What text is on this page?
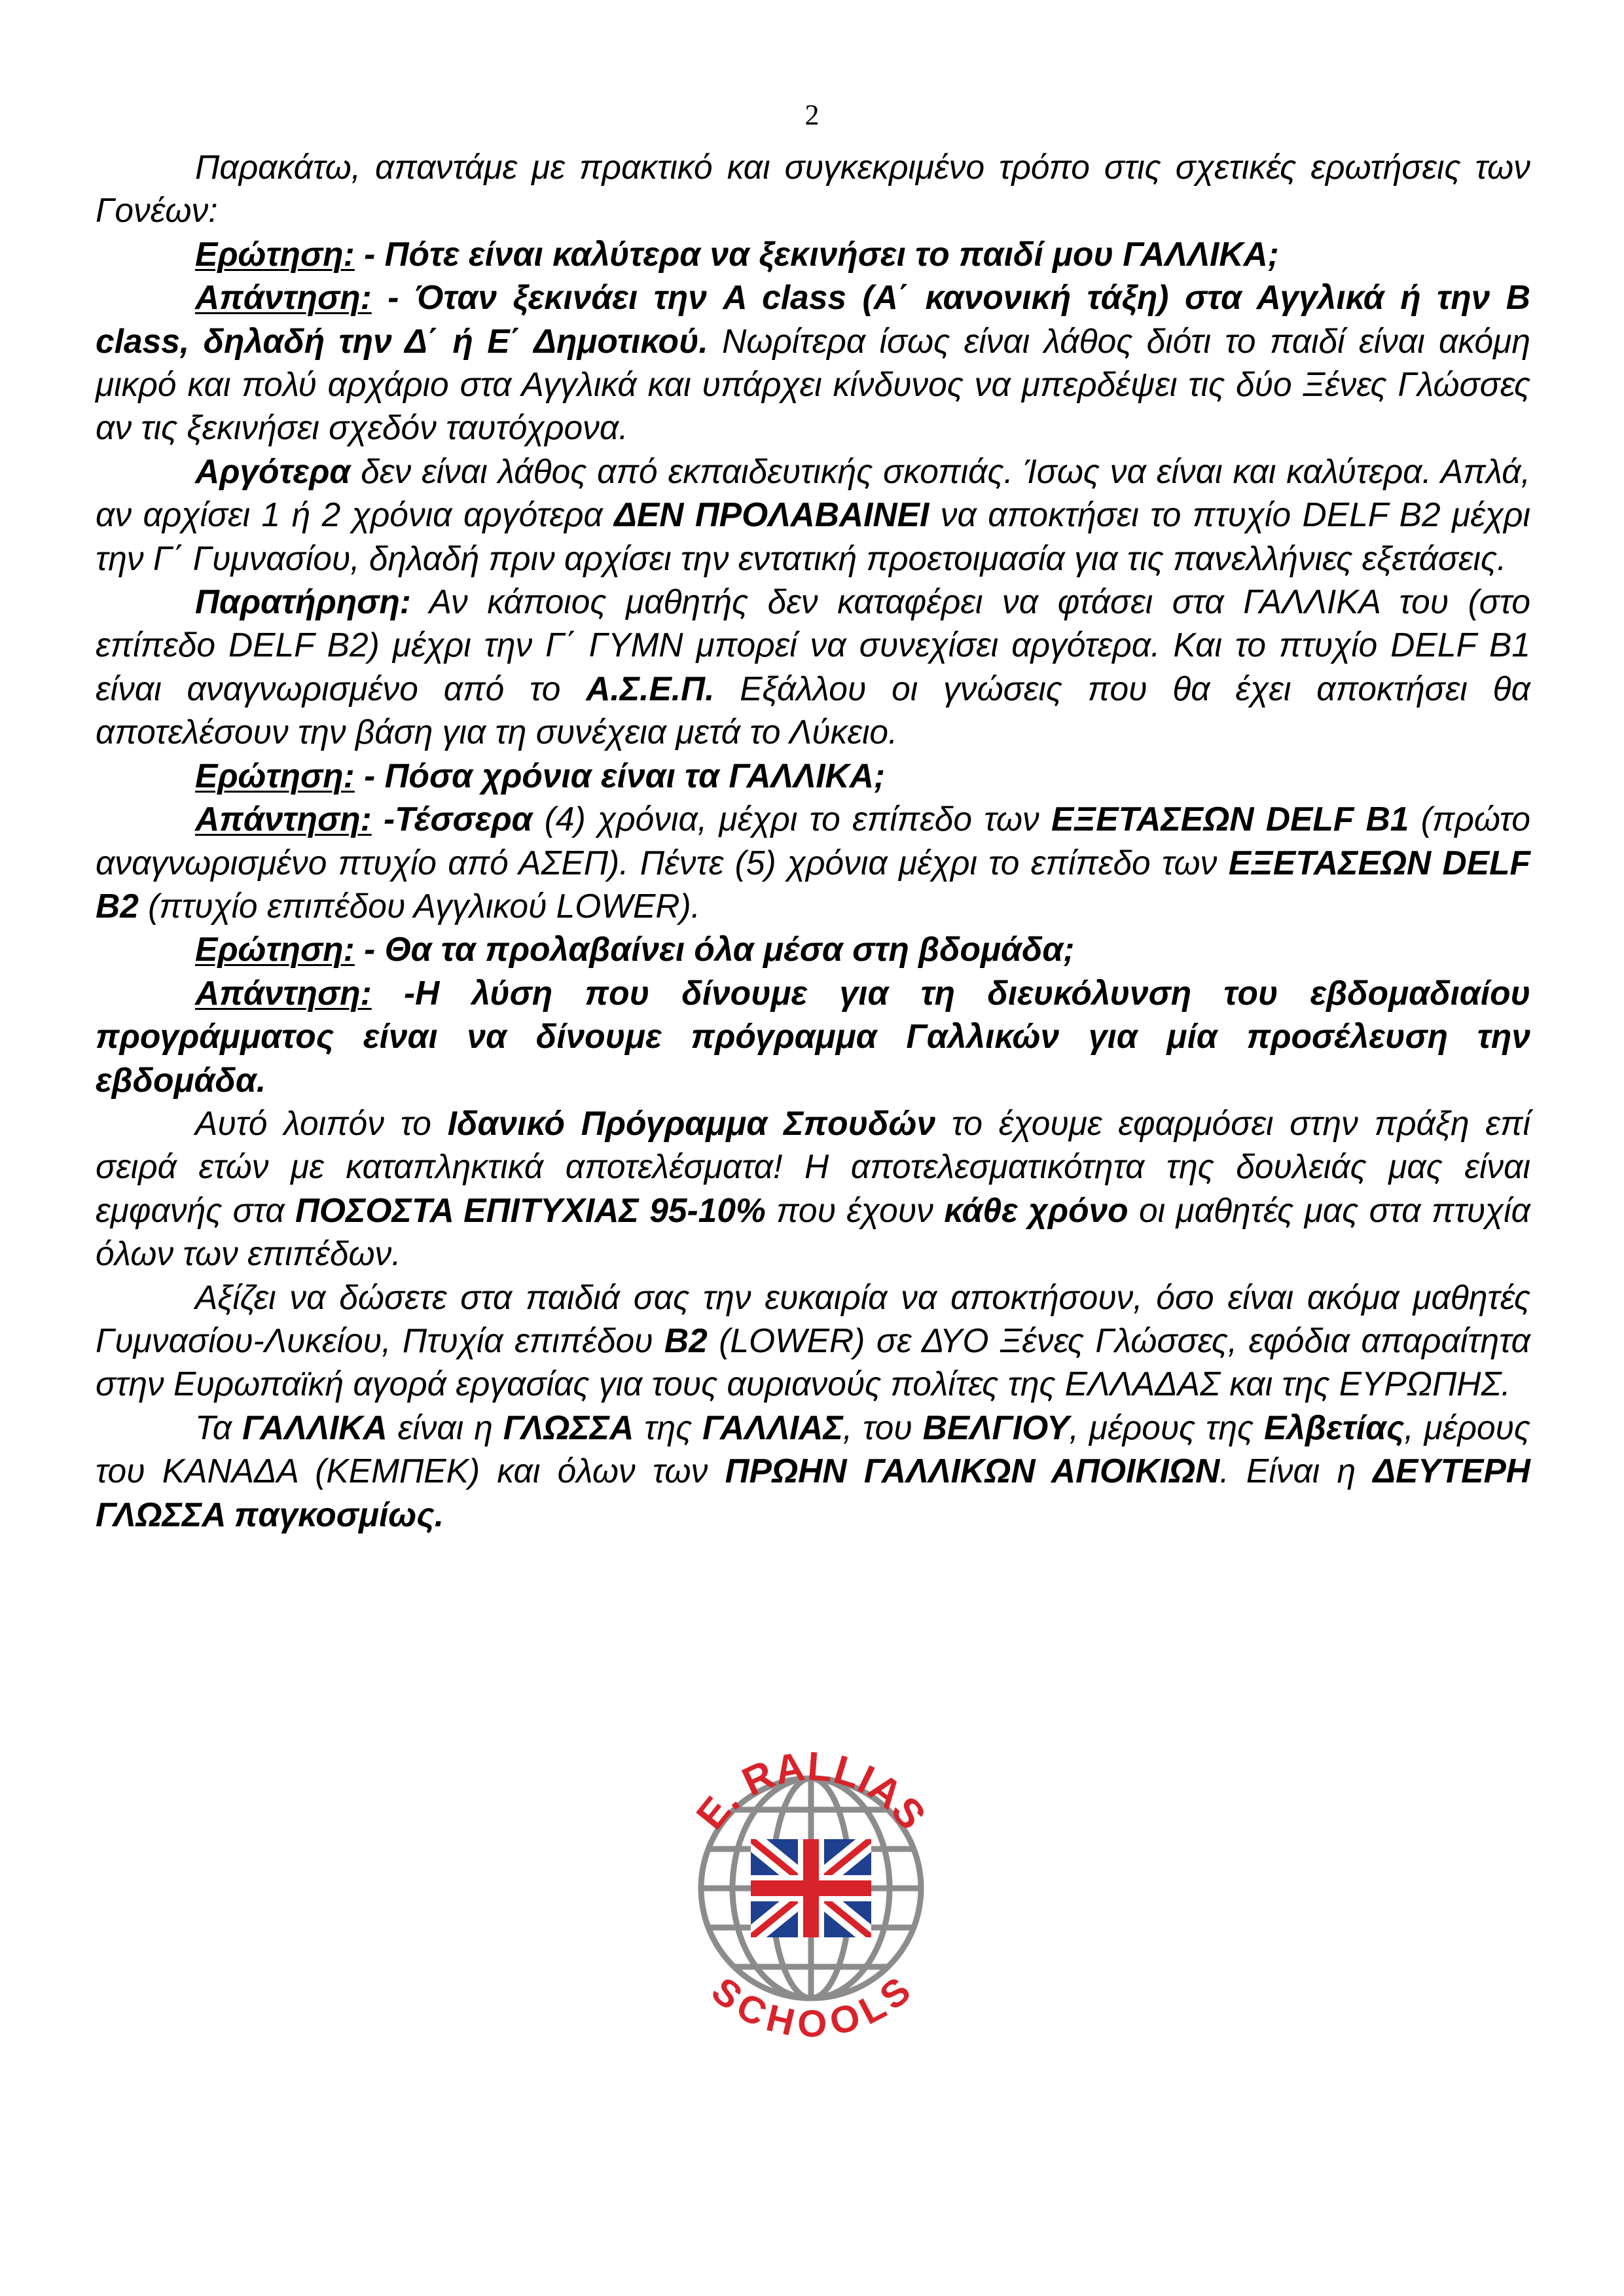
2

Παρακάτω, απαντάμε με πρακτικό και συγκεκριμένο τρόπο στις σχετικές ερωτήσεις των Γονέων:

Ερώτηση: - Πότε είναι καλύτερα να ξεκινήσει το παιδί μου ΓΑΛΛΙΚΑ;

Απάντηση: - Όταν ξεκινάει την A class (A΄ κανονική τάξη) στα Αγγλικά ή την B class, δηλαδή την Δ΄ ή Ε΄ Δημοτικού. Νωρίτερα ίσως είναι λάθος διότι το παιδί είναι ακόμη μικρό και πολύ αρχάριο στα Αγγλικά και υπάρχει κίνδυνος να μπερδέψει τις δύο Ξένες Γλώσσες αν τις ξεκινήσει σχεδόν ταυτόχρονα.

Αργότερα δεν είναι λάθος από εκπαιδευτικής σκοπιάς. Ίσως να είναι και καλύτερα. Απλά, αν αρχίσει 1 ή 2 χρόνια αργότερα ΔΕΝ ΠΡΟΛΑΒΑΙΝΕΙ να αποκτήσει το πτυχίο DELF B2 μέχρι την Γ΄ Γυμνασίου, δηλαδή πριν αρχίσει την εντατική προετοιμασία για τις πανελλήνιες εξετάσεις.

Παρατήρηση: Αν κάποιος μαθητής δεν καταφέρει να φτάσει στα ΓΑΛΛΙΚΑ του (στο επίπεδο DELF B2) μέχρι την Γ΄ ΓΥΜΝ μπορεί να συνεχίσει αργότερα. Και το πτυχίο DELF B1 είναι αναγνωρισμένο από το Α.Σ.Ε.Π. Εξάλλου οι γνώσεις που θα έχει αποκτήσει θα αποτελέσουν την βάση για τη συνέχεια μετά το Λύκειο.

Ερώτηση: - Πόσα χρόνια είναι τα ΓΑΛΛΙΚΑ;

Απάντηση: -Τέσσερα (4) χρόνια, μέχρι το επίπεδο των ΕΞΕΤΑΣΕΩΝ DELF B1 (πρώτο αναγνωρισμένο πτυχίο από ΑΣΕΠ). Πέντε (5) χρόνια μέχρι το επίπεδο των ΕΞΕΤΑΣΕΩΝ DELF B2 (πτυχίο επιπέδου Αγγλικού LOWER).

Ερώτηση: - Θα τα προλαβαίνει όλα μέσα στη βδομάδα;

Απάντηση: -Η λύση που δίνουμε για τη διευκόλυνση του εβδομαδιαίου προγράμματος είναι να δίνουμε πρόγραμμα Γαλλικών για μία προσέλευση την εβδομάδα.

Αυτό λοιπόν το Ιδανικό Πρόγραμμα Σπουδών το έχουμε εφαρμόσει στην πράξη επί σειρά ετών με καταπληκτικά αποτελέσματα! Η αποτελεσματικότητα της δουλειάς μας είναι εμφανής στα ΠΟΣΟΣΤΑ ΕΠΙΤΥΧΙΑΣ 95-10% που έχουν κάθε χρόνο οι μαθητές μας στα πτυχία όλων των επιπέδων.

Αξίζει να δώσετε στα παιδιά σας την ευκαιρία να αποκτήσουν, όσο είναι ακόμα μαθητές Γυμνασίου-Λυκείου, Πτυχία επιπέδου B2 (LOWER) σε ΔΥΟ Ξένες Γλώσσες, εφόδια απαραίτητα στην Ευρωπαϊκή αγορά εργασίας για τους αυριανούς πολίτες της ΕΛΛΑΔΑΣ και της ΕΥΡΩΠΗΣ.

Τα ΓΑΛΛΙΚΑ είναι η ΓΛΩΣΣΑ της ΓΑΛΛΙΑΣ, του ΒΕΛΓΙΟΥ, μέρους της Ελβετίας, μέρους του ΚΑΝΑΔΑ (ΚΕΜΠΕΚ) και όλων των ΠΡΩΗΝ ΓΑΛΛΙΚΩΝ ΑΠΟΙΚΙΩΝ. Είναι η ΔΕΥΤΕΡΗ ΓΛΩΣΣΑ παγκοσμίως.

E. RALLIAS
SCHOOLS
